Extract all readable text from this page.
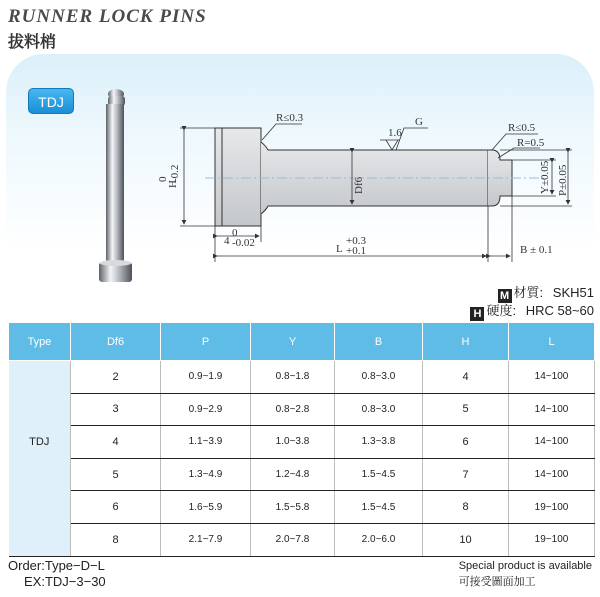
RUNNER LOCK PINS
拔料梢
TDJ
R≤0.3
1.6
G	R≤0.5
R=0.5
H
0 -0.2
Df6	Y±0.05 P±0.05
4
0
-0.02	L
+0.3
+0.1	B ± 0.1
M 材質: SKH51
H 硬度: HRC 58~60
Type	Df6	P	Y	B	H	L
	2	0.9~1.9	0.8~1.8	0.8~3.0	4	14~100
	3	0.9~2.9	0.8~2.8	0.8~3.0	5	14~100
TDJ	4	1.1~3.9	1.0~3.8	1.3~3.8	6	14~100
	5	1.3~4.9	1.2~4.8	1.5~4.5	7	14~100
	6	1.6~5.9	1.5~5.8	1.5~4.5	8	19~100
	8	2.1~7.9	2.0~7.8	2.0~6.0	10	19~100
Order:Type−D−L
EX:TDJ−3−30
Special product is available
可接受圖面加工
